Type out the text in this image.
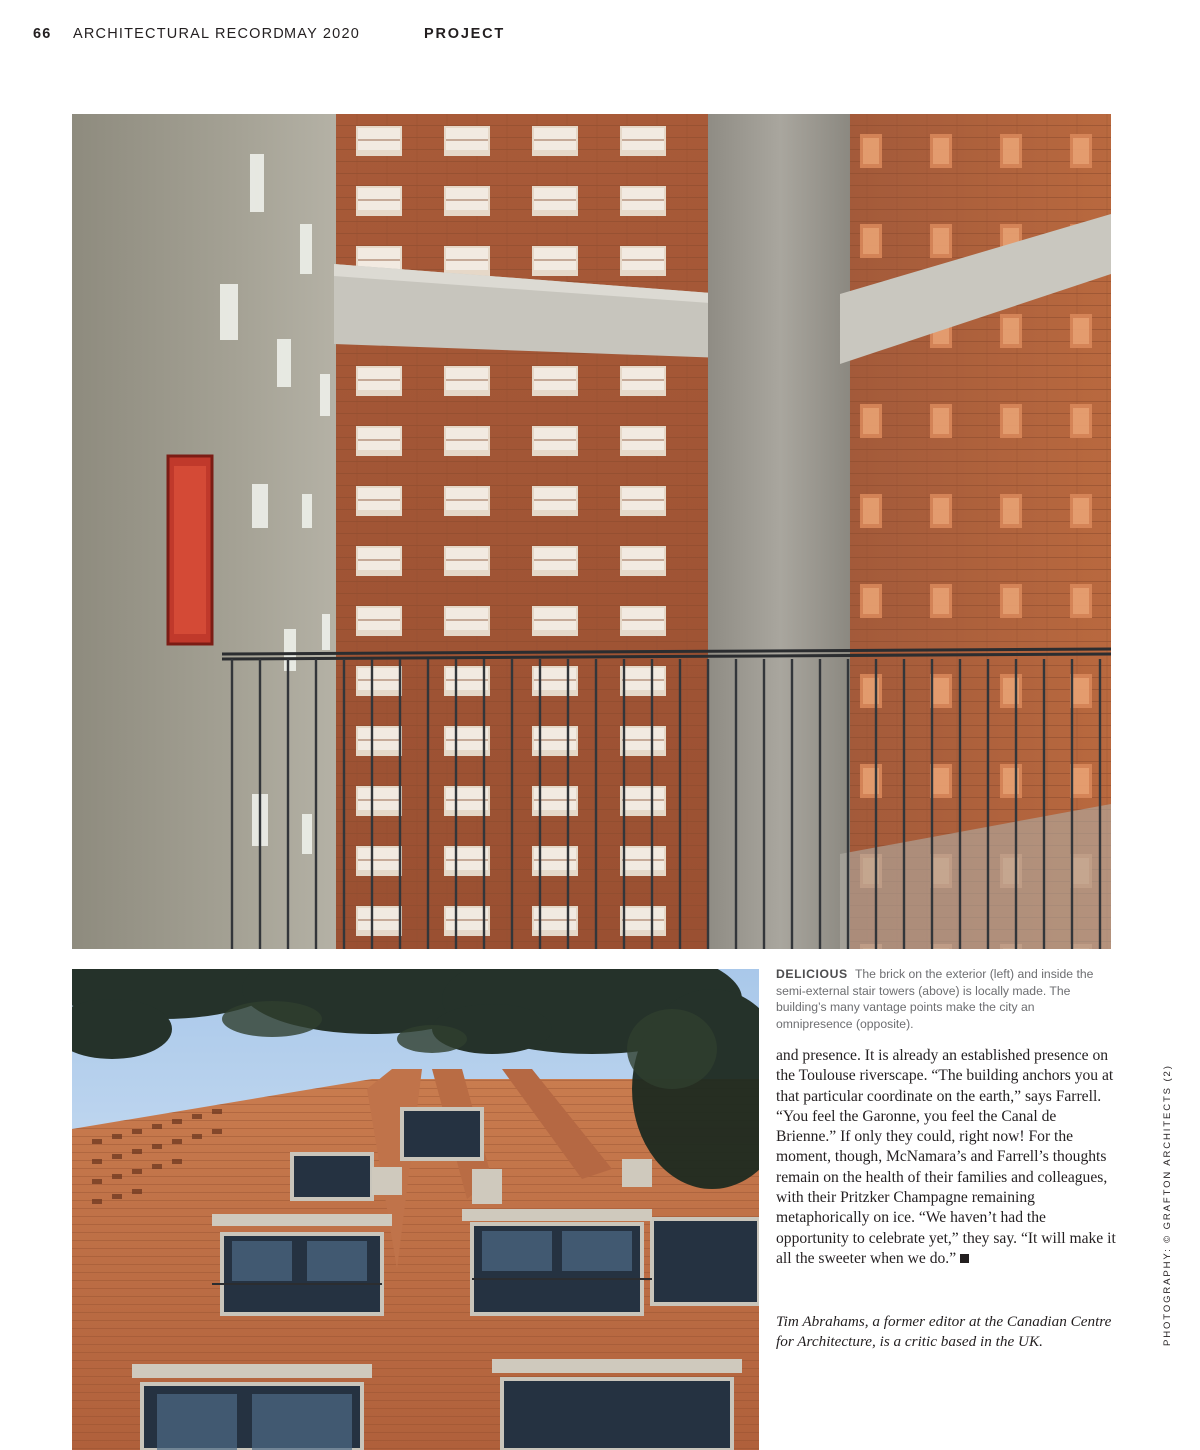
66 ARCHITECTURAL RECORD MAY 2020	PROJECT
DELICIOUS The brick on the exterior (left) and inside the semi-external stair towers (above) is locally made. The building’s many vantage points make the city an omnipresence (opposite).
and presence. It is already an established presence on the Toulouse riverscape. “The building anchors you at that particular coordinate on the earth,” says Farrell. “You feel the Garonne, you feel the Canal de Brienne.” If only they could, right now! For the moment, though, McNamara’s and Farrell’s thoughts remain on the health of their families and colleagues, with their Pritzker Champagne remaining metaphorically on ice. “We haven’t had the opportunity to celebrate yet,” they say. “It will make it all the sweeter when we do.”
Tim Abrahams, a former editor at the Canadian Centre for Architecture, is a critic based in the UK.	PHOTOGRAPHY: © GRAFTON ARCHITECTS (2)
